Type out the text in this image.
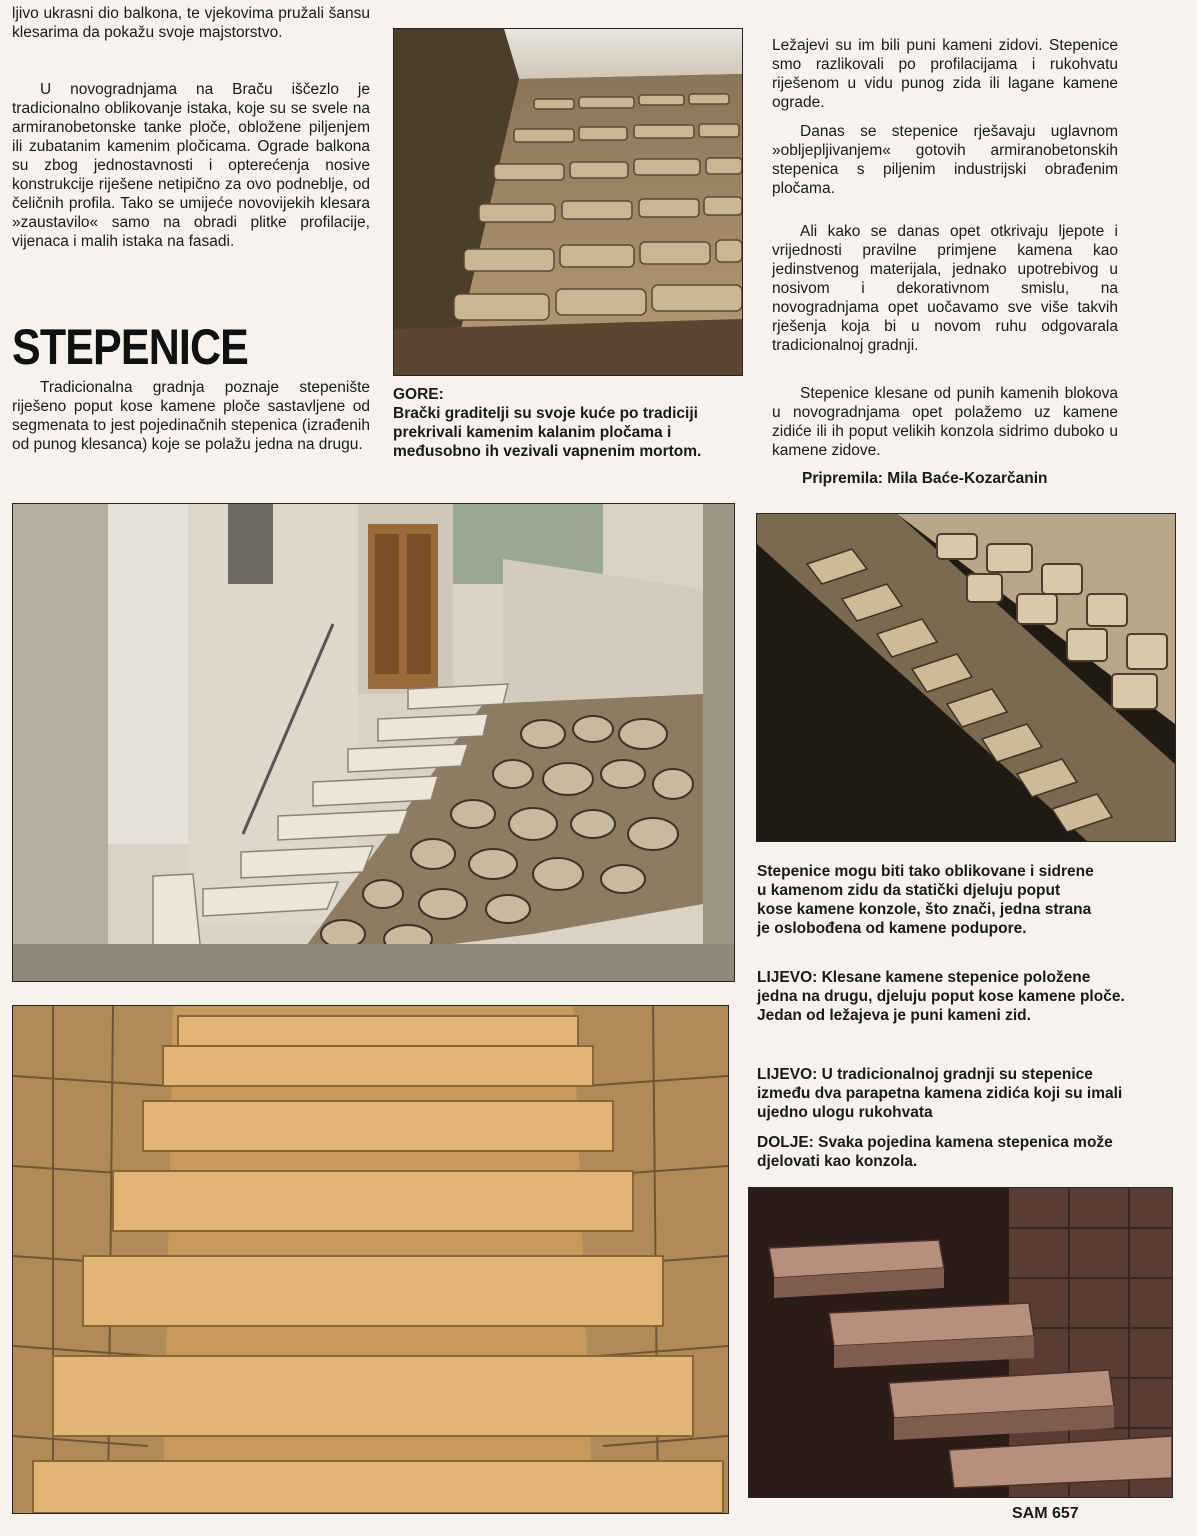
ljivo ukrasni dio balkona, te vjekovima pružali šansu klesarima da pokažu svoje majstorstvo.

U novogradnjama na Braču iščezlo je tradicionalno oblikovanje istaka, koje su se svele na armiranobetonske tanke ploče, obložene piljenjem ili zubatanim kamenim pločicama. Ograde balkona su zbog jednostavnosti i opterećenja nosive konstrukcije riješene netipično za ovo podneblje, od čeličnih profila. Tako se umijeće novovijekih klesara »zaustavilo« samo na obradi plitke profilacije, vijenaca i malih istaka na fasadi.

STEPENICE

Tradicionalna gradnja poznaje stepenište riješeno poput kose kamene ploče sastavljene od segmenata to jest pojedinačnih stepenica (izrađenih od punog klesanca) koje se polažu jedna na drugu.

GORE:
Brački graditelji su svoje kuće po tradiciji prekrivali kamenim kalanim pločama i međusobno ih vezivali vapnenim mortom.

Ležajevi su im bili puni kameni zidovi. Stepenice smo razlikovali po profilacijama i rukohvatu riješenom u vidu punog zida ili lagane kamene ograde.

Danas se stepenice rješavaju uglavnom »obljepljivanjem« gotovih armiranobetonskih stepenica s piljenim industrijski obrađenim pločama.

Ali kako se danas opet otkrivaju ljepote i vrijednosti pravilne primjene kamena kao jedinstvenog materijala, jednako upotrebivog u nosivom i dekorativnom smislu, na novogradnjama opet uočavamo sve više takvih rješenja koja bi u novom ruhu odgovarala tradicionalnoj gradnji.

Stepenice klesane od punih kamenih blokova u novogradnjama opet polažemo uz kamene zidiće ili ih poput velikih konzola sidrimo duboko u kamene zidove.

Pripremila: Mila Baće-Kozarčanin

Stepenice mogu biti tako oblikovane i sidrene u kamenom zidu da statički djeluju poput kose kamene konzole, što znači, jedna strana je oslobođena od kamene podupore.

LIJEVO: Klesane kamene stepenice položene jedna na drugu, djeluju poput kose kamene ploče. Jedan od ležajeva je puni kameni zid.

LIJEVO: U tradicionalnoj gradnji su stepenice između dva parapetna kamena zidića koji su imali ujedno ulogu rukohvata

DOLJE: Svaka pojedina kamena stepenica može djelovati kao konzola.

SAM 657
